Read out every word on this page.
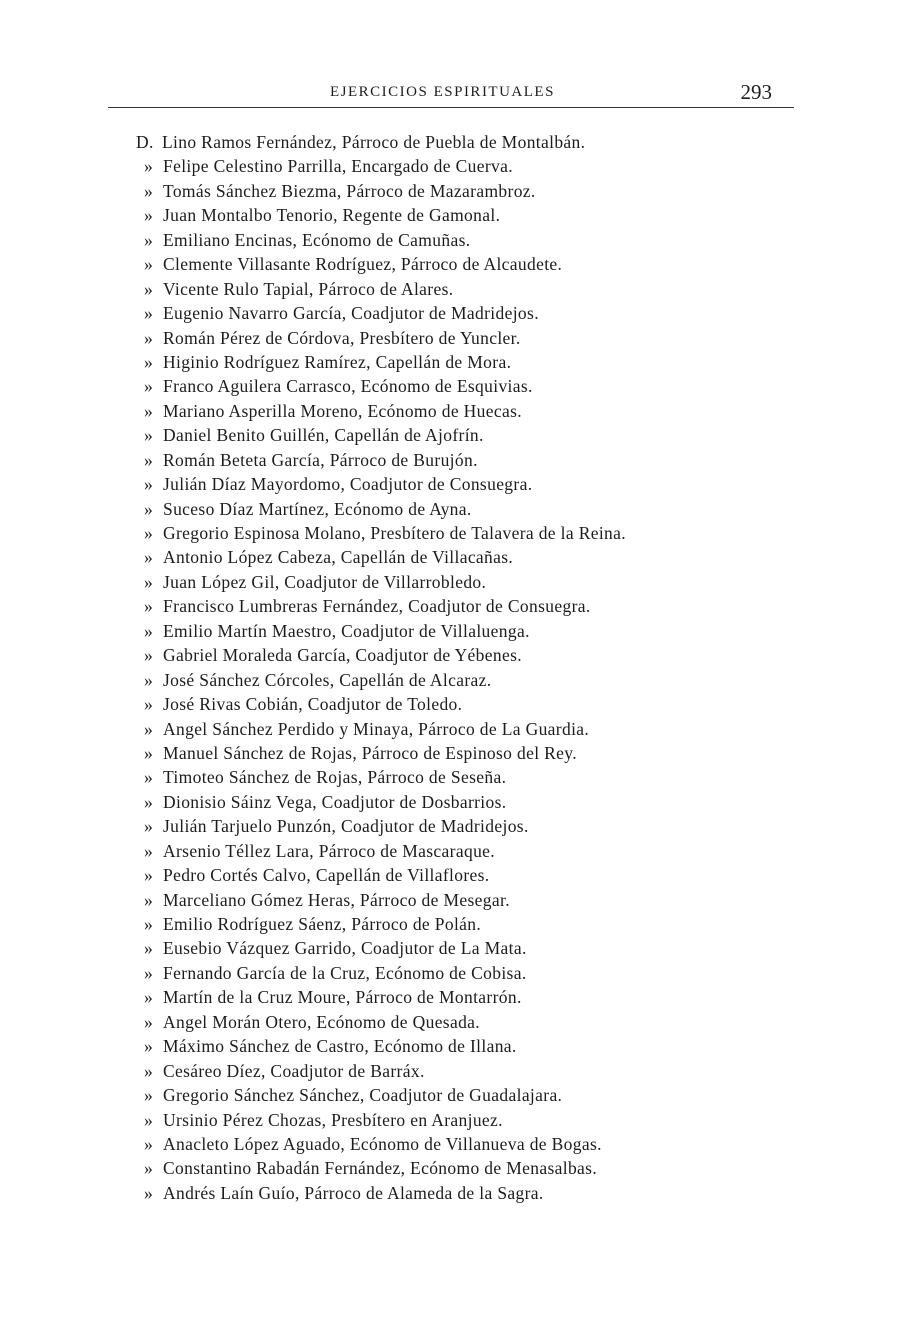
EJERCICIOS ESPIRITUALES	293
D. Lino Ramos Fernández, Párroco de Puebla de Montalbán.
» Felipe Celestino Parrilla, Encargado de Cuerva.
» Tomás Sánchez Biezma, Párroco de Mazarambroz.
» Juan Montalbo Tenorio, Regente de Gamonal.
» Emiliano Encinas, Ecónomo de Camuñas.
» Clemente Villasante Rodríguez, Párroco de Alcaudete.
» Vicente Rulo Tapial, Párroco de Alares.
» Eugenio Navarro García, Coadjutor de Madridejos.
» Román Pérez de Córdova, Presbítero de Yuncler.
» Higinio Rodríguez Ramírez, Capellán de Mora.
» Franco Aguilera Carrasco, Ecónomo de Esquivias.
» Mariano Asperilla Moreno, Ecónomo de Huecas.
» Daniel Benito Guillén, Capellán de Ajofrín.
» Román Beteta García, Párroco de Burujón.
» Julián Díaz Mayordomo, Coadjutor de Consuegra.
» Suceso Díaz Martínez, Ecónomo de Ayna.
» Gregorio Espinosa Molano, Presbítero de Talavera de la Reina.
» Antonio López Cabeza, Capellán de Villacañas.
» Juan López Gil, Coadjutor de Villarrobledo.
» Francisco Lumbreras Fernández, Coadjutor de Consuegra.
» Emilio Martín Maestro, Coadjutor de Villaluenga.
» Gabriel Moraleda García, Coadjutor de Yébenes.
» José Sánchez Córcoles, Capellán de Alcaraz.
» José Rivas Cobián, Coadjutor de Toledo.
» Angel Sánchez Perdido y Minaya, Párroco de La Guardia.
» Manuel Sánchez de Rojas, Párroco de Espinoso del Rey.
» Timoteo Sánchez de Rojas, Párroco de Seseña.
» Dionisio Sáinz Vega, Coadjutor de Dosbarrios.
» Julián Tarjuelo Punzón, Coadjutor de Madridejos.
» Arsenio Téllez Lara, Párroco de Mascaraque.
» Pedro Cortés Calvo, Capellán de Villaflores.
» Marceliano Gómez Heras, Párroco de Mesegar.
» Emilio Rodríguez Sáenz, Párroco de Polán.
» Eusebio Vázquez Garrido, Coadjutor de La Mata.
» Fernando García de la Cruz, Ecónomo de Cobisa.
» Martín de la Cruz Moure, Párroco de Montarrón.
» Angel Morán Otero, Ecónomo de Quesada.
» Máximo Sánchez de Castro, Ecónomo de Illana.
» Cesáreo Díez, Coadjutor de Barráx.
» Gregorio Sánchez Sánchez, Coadjutor de Guadalajara.
» Ursinio Pérez Chozas, Presbítero en Aranjuez.
» Anacleto López Aguado, Ecónomo de Villanueva de Bogas.
» Constantino Rabadán Fernández, Ecónomo de Menasalbas.
» Andrés Laín Guío, Párroco de Alameda de la Sagra.
